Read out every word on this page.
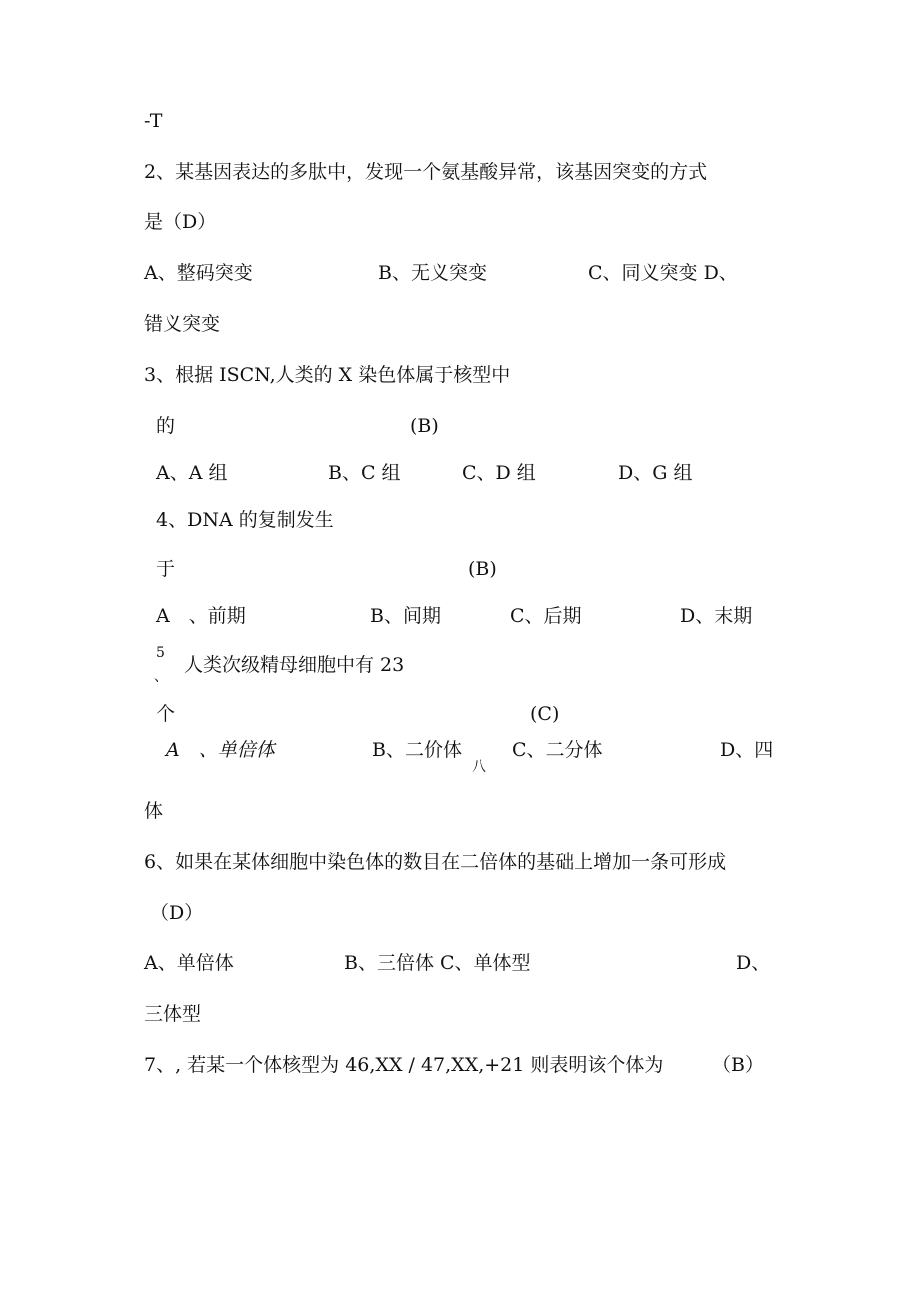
-T
2、某基因表达的多肽中，发现一个氨基酸异常，该基因突变的方式
是（D）
A、整码突变	B、无义突变	C、同义突变 D、
错义突变
3、根据 ISCN,人类的 X 染色体属于核型中
的	(B)
A、A 组	B、C 组	C、D 组	D、G 组
4、DNA 的复制发生
于	(B)
A　、前期	B、间期	C、后期	D、末期
5
、
人类次级精母细胞中有 23
个	(C)
A　、单倍体	B、二价体
八
C、二分体	D、四
体
6、如果在某体细胞中染色体的数目在二倍体的基础上增加一条可形成
（D）
A、单倍体	B、三倍体 C、单体型	D、
三体型
7、, 若某一个体核型为 46,XX / 47,XX,+21 则表明该个体为	（B）
